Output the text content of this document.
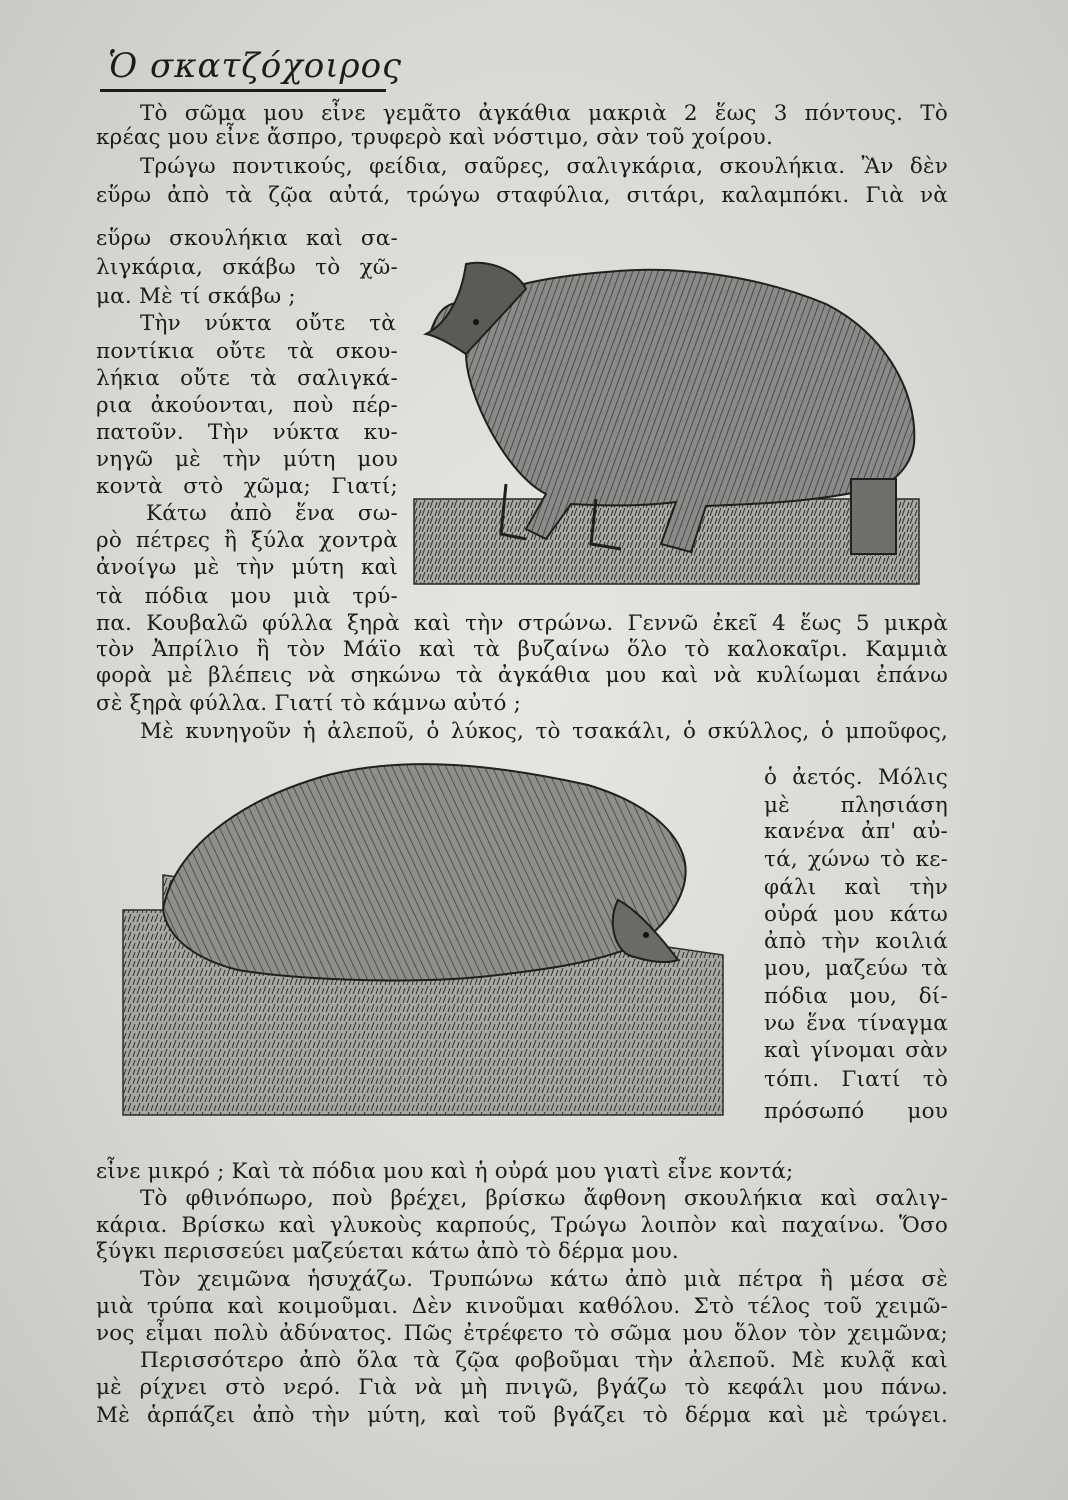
Ὁ σκατζόχοιρος
Τὸ σῶμα μου εἶνε γεμᾶτο ἀγκάθια μακριὰ 2 ἕως 3 πόντους. Τὸ
κρέας μου εἶνε ἄσπρο, τρυφερὸ καὶ νόστιμο, σὰν τοῦ χοίρου.
Τρώγω ποντικούς, φείδια, σαῦρες, σαλιγκάρια, σκουλήκια. Ἂν δὲν
εὕρω ἀπὸ τὰ ζῷα αὐτά, τρώγω σταφύλια, σιτάρι, καλαμπόκι. Γιὰ νὰ
εὕρω σκουλήκια καὶ σα-
λιγκάρια, σκάβω τὸ χῶ-
μα. Μὲ τί σκάβω ;
Τὴν νύκτα οὔτε τὰ
ποντίκια οὔτε τὰ σκου-
λήκια οὔτε τὰ σαλιγκά-
ρια ἀκούονται, ποὺ πέρ-
πατοῦν. Τὴν νύκτα κυ-
νηγῶ μὲ τὴν μύτη μου
κοντὰ στὸ χῶμα; Γιατί;
Κάτω ἀπὸ ἕνα σω-
ρὸ πέτρες ἢ ξύλα χοντρὰ
ἀνοίγω μὲ τὴν μύτη καὶ
τὰ πόδια μου μιὰ τρύ-
πα. Κουβαλῶ φύλλα ξηρὰ καὶ τὴν στρώνω. Γεννῶ ἐκεῖ 4 ἕως 5 μικρὰ
τὸν Ἀπρίλιο ἢ τὸν Μάϊο καὶ τὰ βυζαίνω ὅλο τὸ καλοκαῖρι. Καμμιὰ
φορὰ μὲ βλέπεις νὰ σηκώνω τὰ ἀγκάθια μου καὶ νὰ κυλίωμαι ἐπάνω
σὲ ξηρὰ φύλλα. Γιατί τὸ κάμνω αὐτό ;
Μὲ κυνηγοῦν ἡ ἀλεποῦ, ὁ λύκος, τὸ τσακάλι, ὁ σκύλλος, ὁ μποῦφος,
ὁ ἀετός. Μόλις
μὲ πλησιάση
κανένα ἀπ' αὐ-
τά, χώνω τὸ κε-
φάλι καὶ τὴν
οὐρά μου κάτω
ἀπὸ τὴν κοιλιά
μου, μαζεύω τὰ
πόδια μου, δί-
νω ἕνα τίναγμα
καὶ γίνομαι σὰν
τόπι. Γιατί τὸ
πρόσωπό μου
εἶνε μικρό ; Καὶ τὰ πόδια μου καὶ ἡ οὐρά μου γιατὶ εἶνε κοντά;
Τὸ φθινόπωρο, ποὺ βρέχει, βρίσκω ἄφθονη σκουλήκια καὶ σαλιγ-
κάρια. Βρίσκω καὶ γλυκοὺς καρπούς, Τρώγω λοιπὸν καὶ παχαίνω. Ὅσο
ξύγκι περισσεύει μαζεύεται κάτω ἀπὸ τὸ δέρμα μου.
Τὸν χειμῶνα ἡσυχάζω. Τρυπώνω κάτω ἀπὸ μιὰ πέτρα ἢ μέσα σὲ
μιὰ τρύπα καὶ κοιμοῦμαι. Δὲν κινοῦμαι καθόλου. Στὸ τέλος τοῦ χειμῶ-
νος εἶμαι πολὺ ἀδύνατος. Πῶς ἐτρέφετο τὸ σῶμα μου ὅλον τὸν χειμῶνα;
Περισσότερο ἀπὸ ὅλα τὰ ζῷα φοβοῦμαι τὴν ἀλεποῦ. Μὲ κυλᾷ καὶ
μὲ ρίχνει στὸ νερό. Γιὰ νὰ μὴ πνιγῶ, βγάζω τὸ κεφάλι μου πάνω.
Μὲ ἁρπάζει ἀπὸ τὴν μύτη, καὶ τοῦ βγάζει τὸ δέρμα καὶ μὲ τρώγει.
